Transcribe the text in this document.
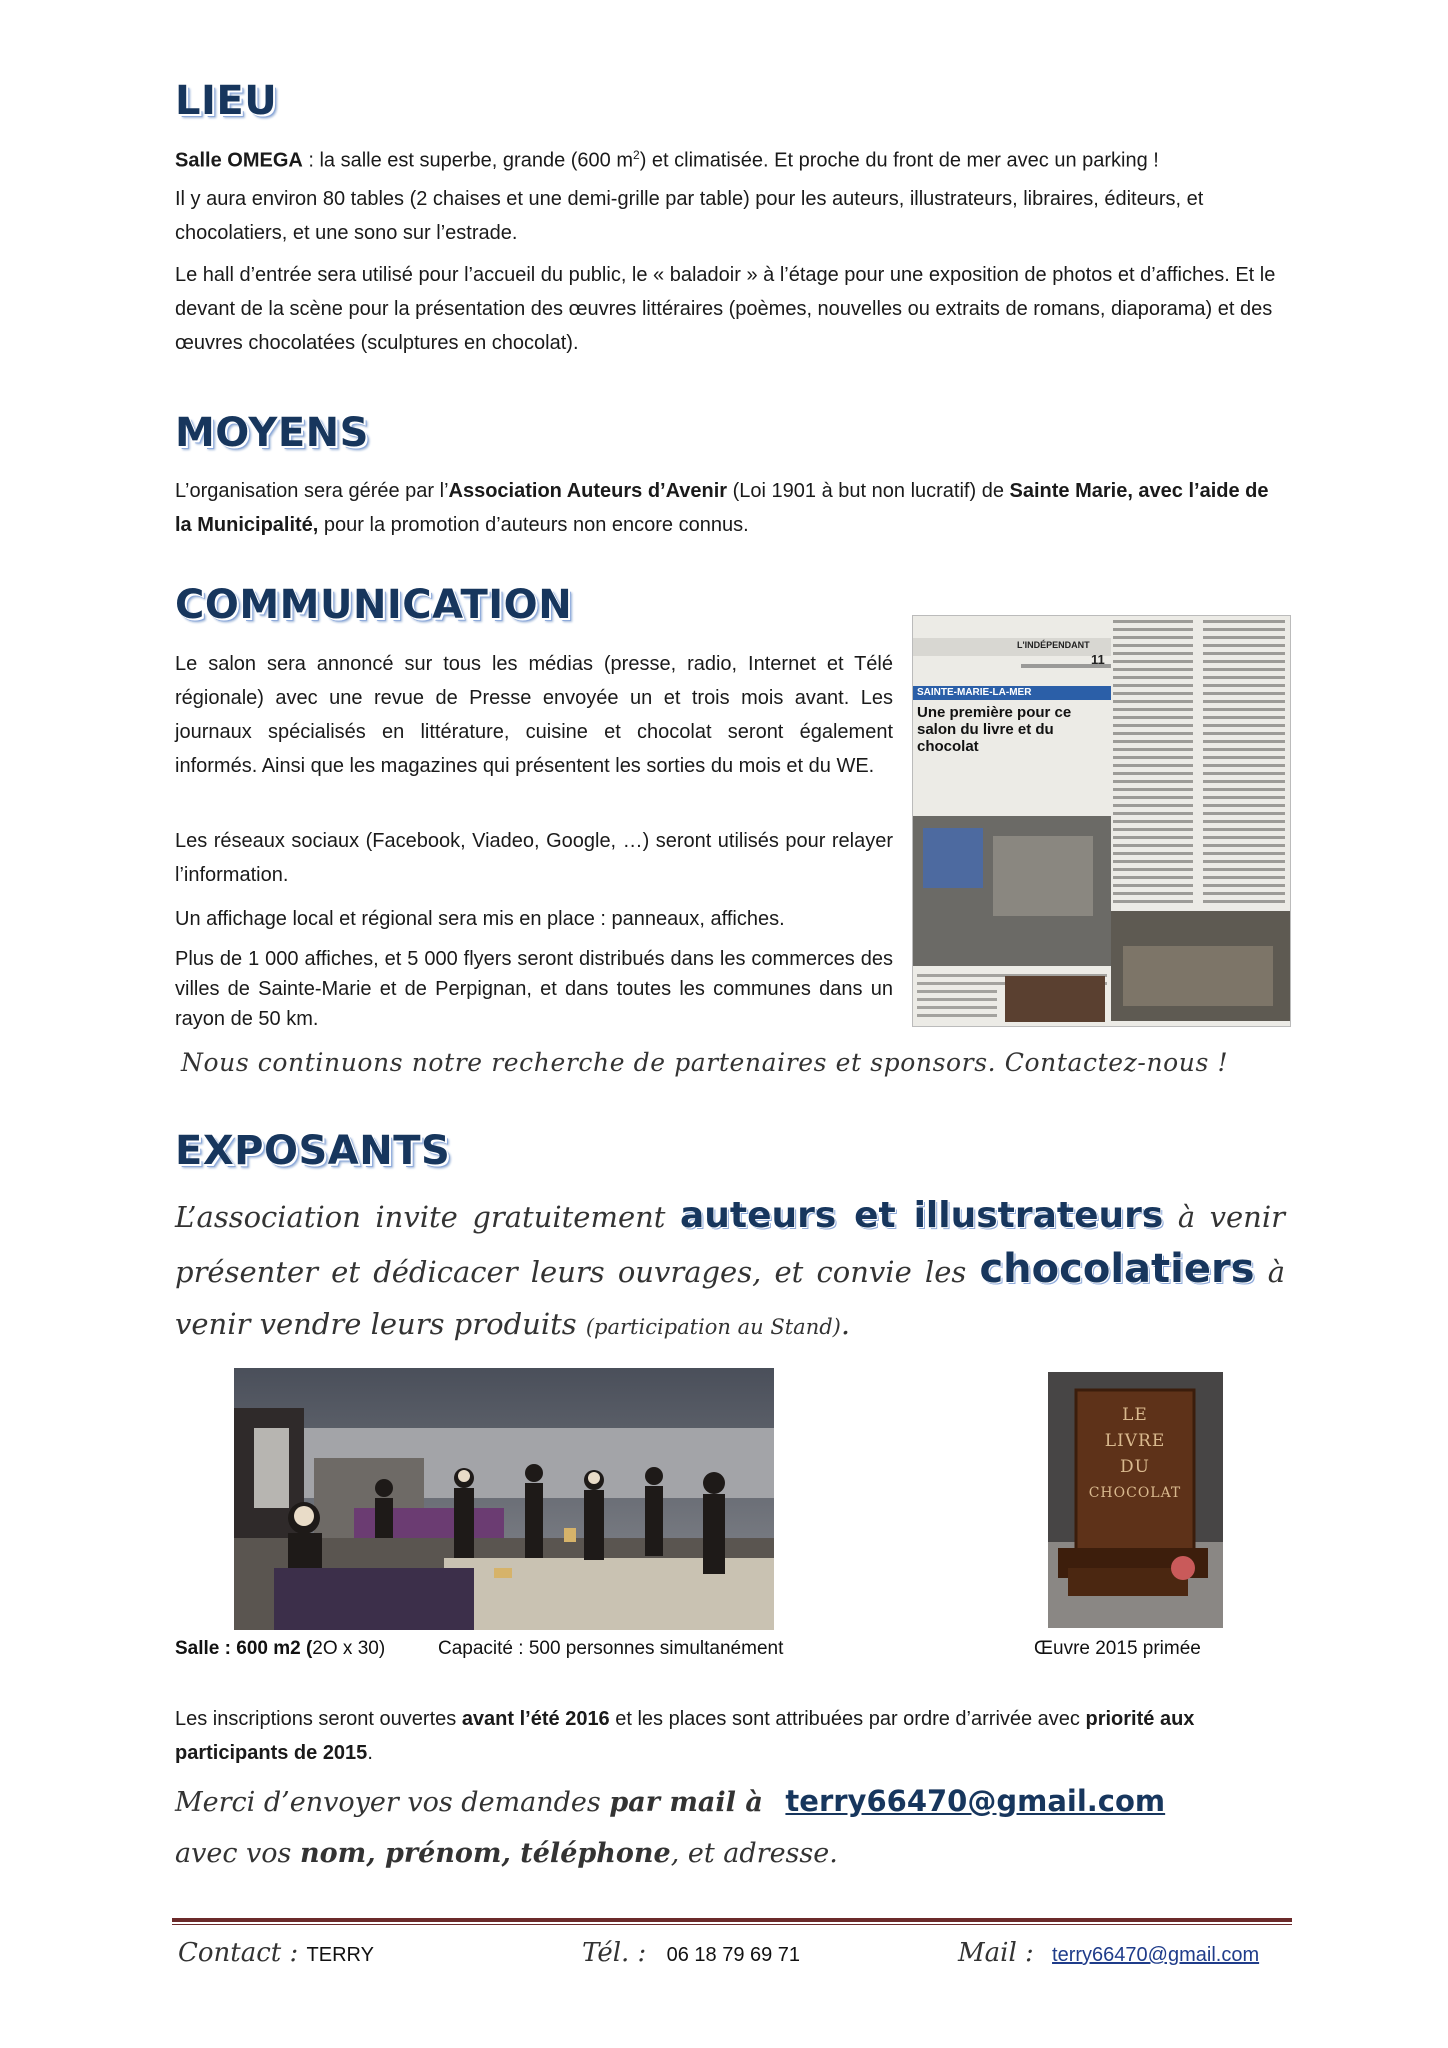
LIEU

Salle OMEGA : la salle est superbe, grande (600 $m^2$) et climatisée. Et proche du front de mer avec un parking !

Il y aura environ 80 tables (2 chaises et une demi-grille par table) pour les auteurs, illustrateurs, libraires, éditeurs, et chocolatiers, et une sono sur l’estrade.

Le hall d’entrée sera utilisé pour l’accueil du public, le « baladoir » à l’étage pour une exposition de photos et d’affiches. Et le devant de la scène pour la présentation des œuvres littéraires (poèmes, nouvelles ou extraits de romans, diaporama) et des œuvres chocolatées (sculptures en chocolat).

MOYENS

L’organisation sera gérée par l’Association Auteurs d’Avenir (Loi 1901 à but non lucratif) de Sainte Marie, avec l’aide de la Municipalité, pour la promotion d’auteurs non encore connus.

COMMUNICATION

Le salon sera annoncé sur tous les médias (presse, radio, Internet et Télé régionale) avec une revue de Presse envoyée un et trois mois avant. Les journaux spécialisés en littérature, cuisine et chocolat seront également informés. Ainsi que les magazines qui présentent les sorties du mois et du WE.

Les réseaux sociaux (Facebook, Viadeo, Google, …) seront utilisés pour relayer l’information.

Un affichage local et régional sera mis en place : panneaux, affiches.

Plus de 1 000 affiches, et 5 000 flyers seront distribués dans les commerces des villes de Sainte-Marie et de Perpignan, et dans toutes les communes dans un rayon de 50 km.

L'INDÉPENDANT
11
SAINTE-MARIE-LA-MER
Une première pour ce salon du livre et du chocolat

Nous continuons notre recherche de partenaires et sponsors. Contactez-nous !

EXPOSANTS
L’association invite gratuitement auteurs et illustrateurs à venir présenter et dédicacer leurs ouvrages, et convie les chocolatiers à venir vendre leurs produits (participation au Stand).
LE
LIVRE
DU
CHOCOLAT
Salle : 600 m2 (2O x 30)	Capacité : 500 personnes simultanément	Œuvre 2015 primée

Les inscriptions seront ouvertes avant l’été 2016 et les places sont attribuées par ordre d’arrivée avec priorité aux participants de 2015.

Merci d’envoyer vos demandes par mail à terry66470@gmail.com
avec vos nom, prénom, téléphone, et adresse.
Contact : TERRY	Tél. : 06 18 79 69 71	Mail : terry66470@gmail.com
